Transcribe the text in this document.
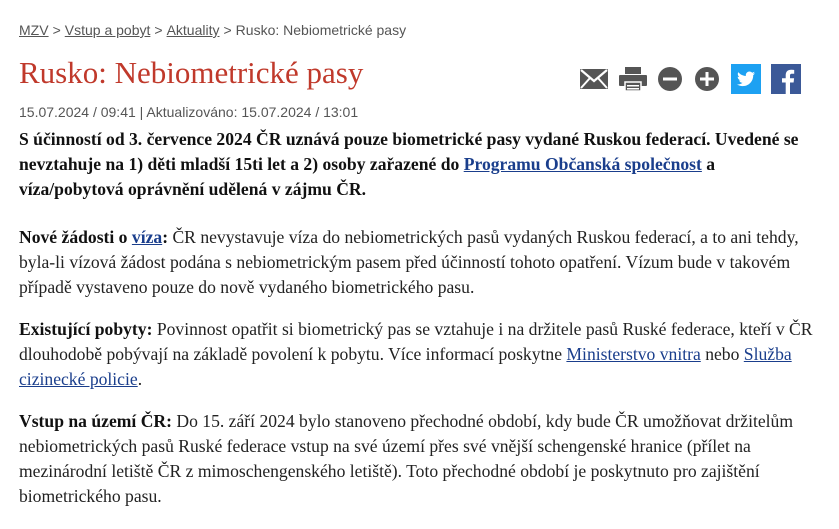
MZV > Vstup a pobyt > Aktuality > Rusko: Nebiometrické pasy
Rusko: Nebiometrické pasy
15.07.2024 / 09:41 | Aktualizováno: 15.07.2024 / 13:01

S účinností od 3. července 2024 ČR uznává pouze biometrické pasy vydané Ruskou federací. Uvedené se nevztahuje na 1) děti mladší 15ti let a 2) osoby zařazené do Programu Občanská společnost a víza/pobytová oprávnění udělená v zájmu ČR.

Nové žádosti o víza: ČR nevystavuje víza do nebiometrických pasů vydaných Ruskou federací, a to ani tehdy, byla-li vízová žádost podána s nebiometrickým pasem před účinností tohoto opatření. Vízum bude v takovém případě vystaveno pouze do nově vydaného biometrického pasu.

Existující pobyty: Povinnost opatřit si biometrický pas se vztahuje i na držitele pasů Ruské federace, kteří v ČR dlouhodobě pobývají na základě povolení k pobytu. Více informací poskytne Ministerstvo vnitra nebo Služba cizinecké policie.

Vstup na území ČR: Do 15. září 2024 bylo stanoveno přechodné období, kdy bude ČR umožňovat držitelům nebiometrických pasů Ruské federace vstup na své území přes své vnější schengenské hranice (přílet na mezinárodní letiště ČR z mimoschengenského letiště). Toto přechodné období je poskytnuto pro zajištění biometrického pasu.
